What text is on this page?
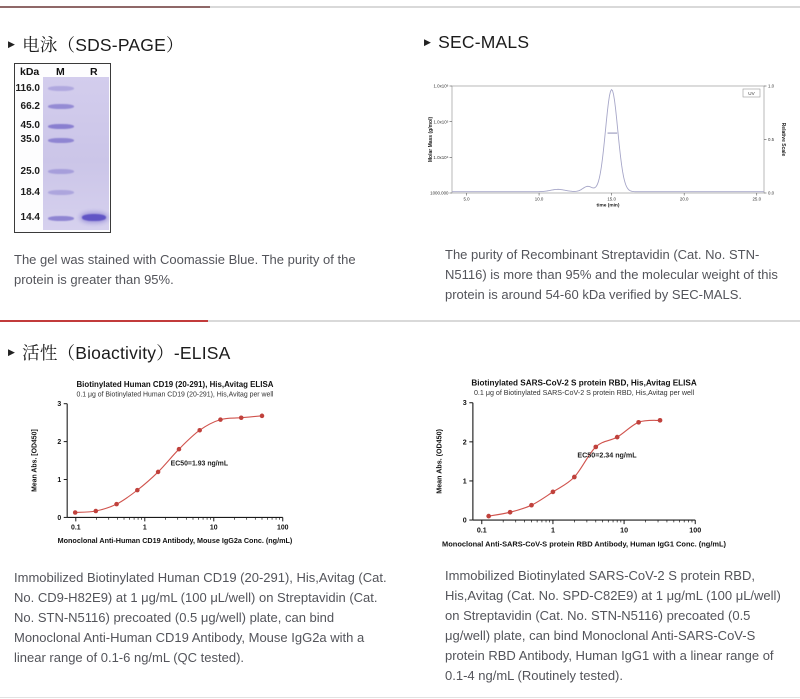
▶ 电泳（SDS-PAGE）
kDa M R
116.0
66.2
45.0
35.0
25.0
18.4
14.4
The gel was stained with Coomassie Blue. The purity of the protein is greater than 95%.
▶ SEC-MALS
1.0x10⁶
1.0x10⁵
1.0x10⁴
1000.000
Molar Mass (g/mol)
1.0
0.5
0.0
Relative Scale
5.0	10.0	15.0	20.0	25.0
time (min)
UV
The purity of Recombinant Streptavidin (Cat. No. STN-N5116) is more than 95% and the molecular weight of this protein is around 54-60 kDa verified by SEC-MALS.
▶ 活性（Bioactivity）-ELISA
Biotinylated Human CD19 (20-291), His,Avitag ELISA
0.1 μg of Biotinylated Human CD19 (20-291), His,Avitag per well
0
1
2
3
0.1	1	10	100
Mean Abs. [OD450]
Monoclonal Anti-Human CD19 Antibody, Mouse IgG2a Conc. (ng/mL)
EC50=1.93 ng/mL
Biotinylated SARS-CoV-2 S protein RBD, His,Avitag ELISA
0.1 μg of Biotinylated SARS-CoV-2 S protein RBD, His,Avitag per well
0
1
2
3
0.1	1	10	100
Mean Abs. (OD450)
Monoclonal Anti-SARS-CoV-S protein RBD Antibody, Human IgG1 Conc. (ng/mL)
EC50=2.34 ng/mL
Immobilized Biotinylated Human CD19 (20-291), His,Avitag (Cat. No. CD9-H82E9) at 1 μg/mL (100 μL/well) on Streptavidin (Cat. No. STN-N5116) precoated (0.5 μg/well) plate, can bind Monoclonal Anti-Human CD19 Antibody, Mouse IgG2a with a linear range of 0.1-6 ng/mL (QC tested).
Immobilized Biotinylated SARS-CoV-2 S protein RBD, His,Avitag (Cat. No. SPD-C82E9) at 1 μg/mL (100 μL/well) on Streptavidin (Cat. No. STN-N5116) precoated (0.5 μg/well) plate, can bind Monoclonal Anti-SARS-CoV-S protein RBD Antibody, Human IgG1 with a linear range of 0.1-4 ng/mL (Routinely tested).
